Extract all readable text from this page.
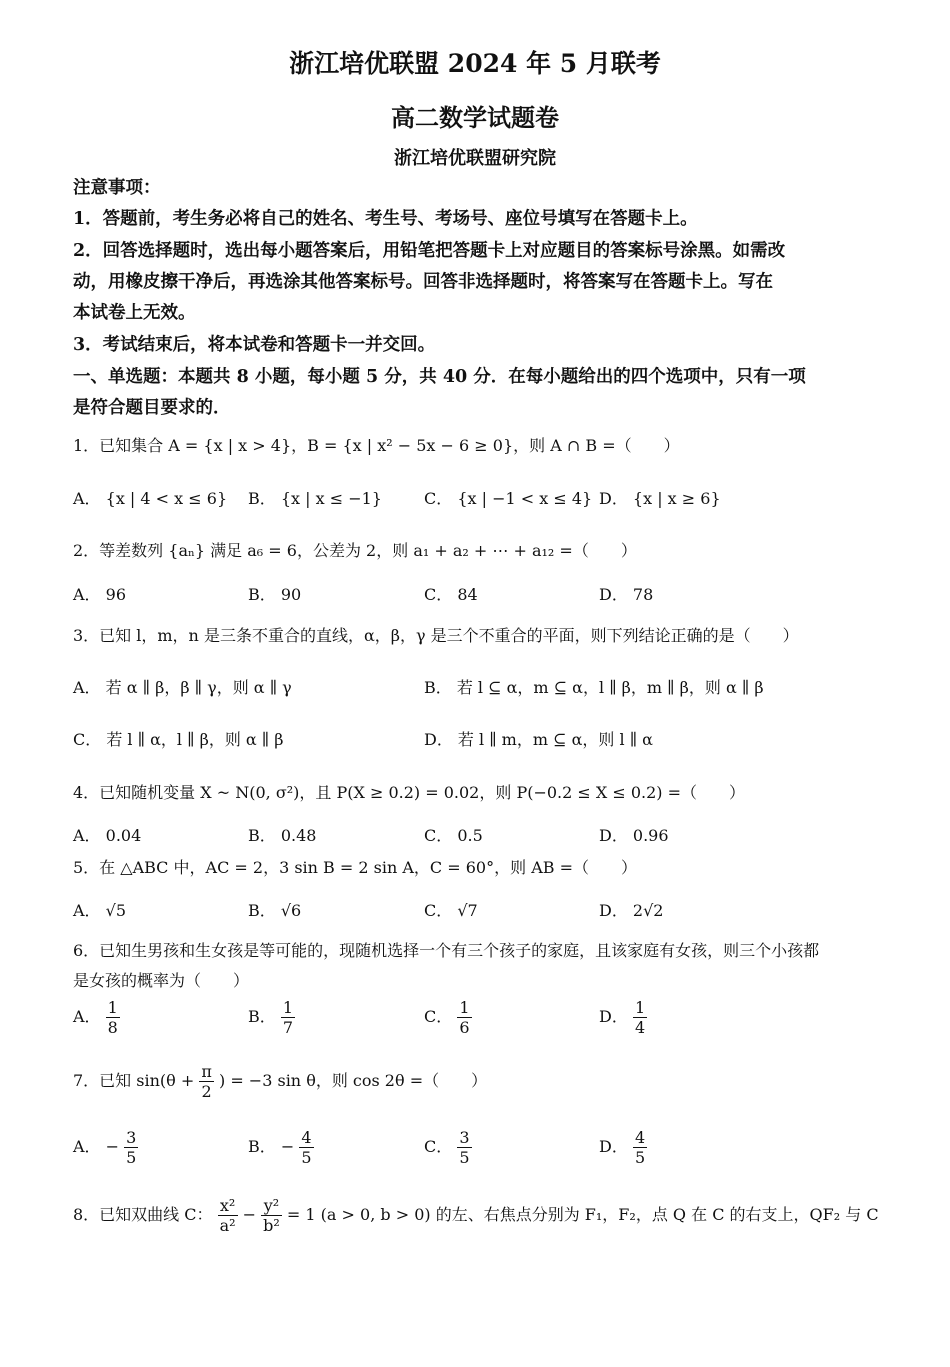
浙江培优联盟 2024 年 5 月联考
高二数学试题卷
浙江培优联盟研究院
注意事项：
1．答题前，考生务必将自己的姓名、考生号、考场号、座位号填写在答题卡上。
2．回答选择题时，选出每小题答案后，用铅笔把答题卡上对应题目的答案标号涂黑。如需改
动，用橡皮擦干净后，再选涂其他答案标号。回答非选择题时，将答案写在答题卡上。写在
本试卷上无效。
3．考试结束后，将本试卷和答题卡一并交回。
一、单选题：本题共 8 小题，每小题 5 分，共 40 分．在每小题给出的四个选项中，只有一项
是符合题目要求的．
1．已知集合 A = {x | x > 4}，B = {x | x² − 5x − 6 ≥ 0}，则 A ∩ B =（　　）
A． {x | 4 < x ≤ 6} B． {x | x ≤ −1}	C． {x | −1 < x ≤ 4} D． {x | x ≥ 6}
2．等差数列 {aₙ} 满足 a₆ = 6，公差为 2，则 a₁ + a₂ + ⋯ + a₁₂ =（　　）
A． 96	B． 90	C． 84	D． 78
3．已知 l，m，n 是三条不重合的直线，α，β，γ 是三个不重合的平面，则下列结论正确的是（　　）
A． 若 α ∥ β，β ∥ γ，则 α ∥ γ	B． 若 l ⊆ α，m ⊆ α，l ∥ β，m ∥ β，则 α ∥ β
C． 若 l ∥ α，l ∥ β，则 α ∥ β	D． 若 l ∥ m，m ⊆ α，则 l ∥ α
4．已知随机变量 X ~ N(0, σ²)，且 P(X ≥ 0.2) = 0.02，则 P(−0.2 ≤ X ≤ 0.2) =（　　）
A． 0.04	B． 0.48	C． 0.5	D． 0.96
5．在 △ABC 中，AC = 2，3 sin B = 2 sin A，C = 60°，则 AB =（　　）
A． √5	B． √6	C． √7	D． 2√2
6．已知生男孩和生女孩是等可能的，现随机选择一个有三个孩子的家庭，且该家庭有女孩，则三个小孩都
是女孩的概率为（　　）
A． $\frac{1}{8}$	B． $\frac{1}{7}$	C． $\frac{1}{6}$	D． $\frac{1}{4}$
7．已知 $\sin(\theta + \frac{\pi}{2}$ ) = −3 sin θ，则 cos 2θ =（　　）
A． − $\frac{3}{5}$	B． − $\frac{4}{5}$	C． $\frac{3}{5}$	D． $\frac{4}{5}$
8．已知双曲线 C： $\frac{\text{x²}}{\text{a²}} - \frac{\text{y²}}{\text{b²}} = 1$ (a > 0, b > 0) 的左、右焦点分别为 F₁，F₂，点 Q 在 C 的右支上，QF₂ 与 C
